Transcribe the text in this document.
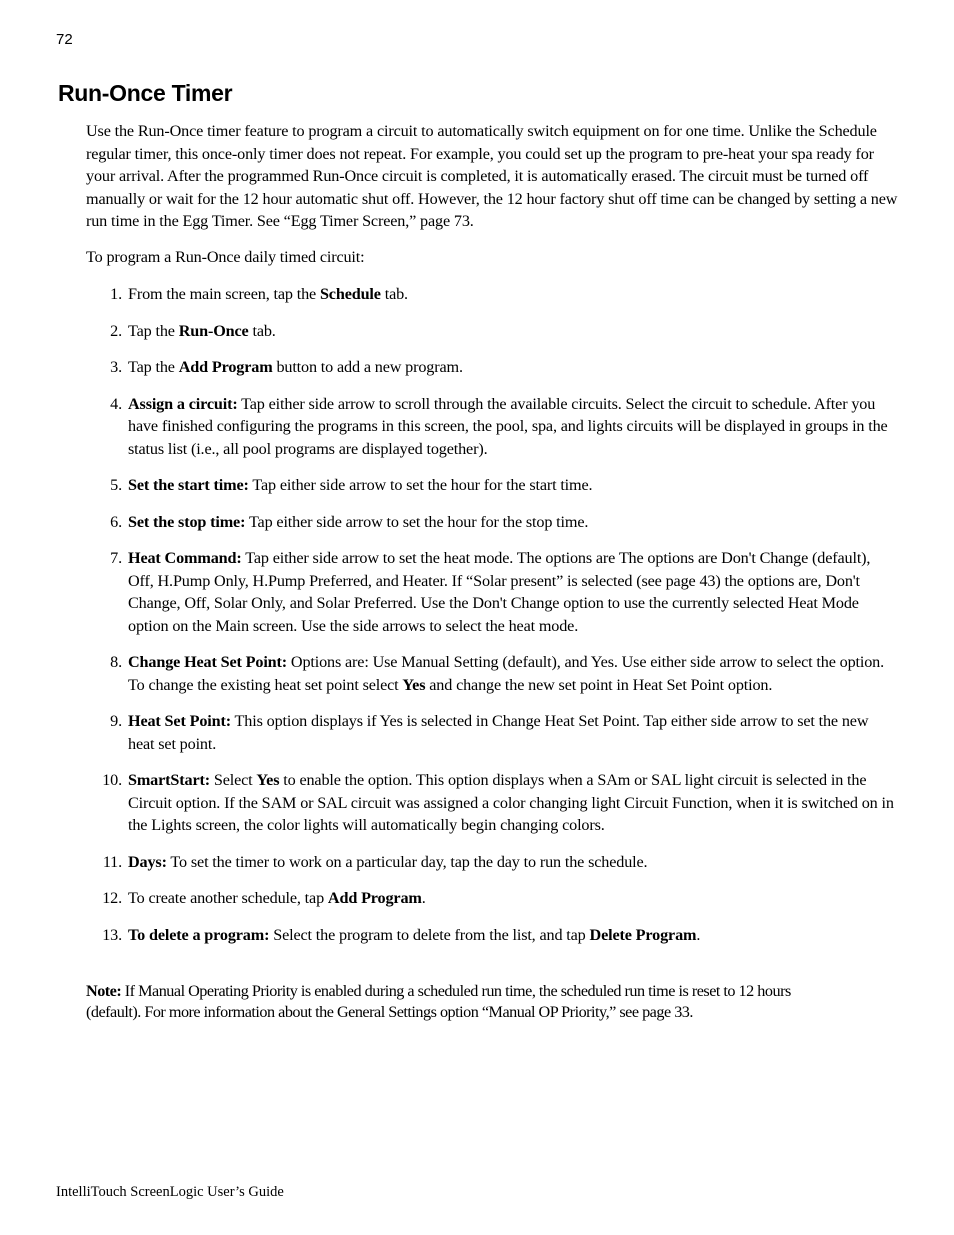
72
Run-Once Timer

Use the Run-Once timer feature to program a circuit to automatically switch equipment on for one time. Unlike the Schedule regular timer, this once-only timer does not repeat. For example, you could set up the program to pre-heat your spa ready for your arrival. After the programmed Run-Once circuit is completed, it is automatically erased. The circuit must be turned off manually or wait for the 12 hour automatic shut off. However, the 12 hour factory shut off time can be changed by setting a new run time in the Egg Timer. See “Egg Timer Screen,” page 73.

To program a Run-Once daily timed circuit:

1. From the main screen, tap the Schedule tab.
2. Tap the Run-Once tab.
3. Tap the Add Program button to add a new program.
4. Assign a circuit: Tap either side arrow to scroll through the available circuits. Select the circuit to schedule. After you have finished configuring the programs in this screen, the pool, spa, and lights circuits will be displayed in groups in the status list (i.e., all pool programs are displayed together).
5. Set the start time: Tap either side arrow to set the hour for the start time.
6. Set the stop time: Tap either side arrow to set the hour for the stop time.
7. Heat Command: Tap either side arrow to set the heat mode. The options are The options are Don't Change (default), Off, H.Pump Only, H.Pump Preferred, and Heater. If “Solar present” is selected (see page 43) the options are, Don't Change, Off, Solar Only, and Solar Preferred. Use the Don't Change option to use the currently selected Heat Mode option on the Main screen. Use the side arrows to select the heat mode.
8. Change Heat Set Point: Options are: Use Manual Setting (default), and Yes. Use either side arrow to select the option. To change the existing heat set point select Yes and change the new set point in Heat Set Point option.
9. Heat Set Point: This option displays if Yes is selected in Change Heat Set Point. Tap either side arrow to set the new heat set point.
10. SmartStart: Select Yes to enable the option. This option displays when a SAm or SAL light circuit is selected in the Circuit option. If the SAM or SAL circuit was assigned a color changing light Circuit Function, when it is switched on in the Lights screen, the color lights will automatically begin changing colors.
11. Days: To set the timer to work on a particular day, tap the day to run the schedule.
12. To create another schedule, tap Add Program.
13. To delete a program: Select the program to delete from the list, and tap Delete Program.

Note: If Manual Operating Priority is enabled during a scheduled run time, the scheduled run time is reset to 12 hours (default). For more information about the General Settings option “Manual OP Priority,” see page 33.

IntelliTouch ScreenLogic User’s Guide
